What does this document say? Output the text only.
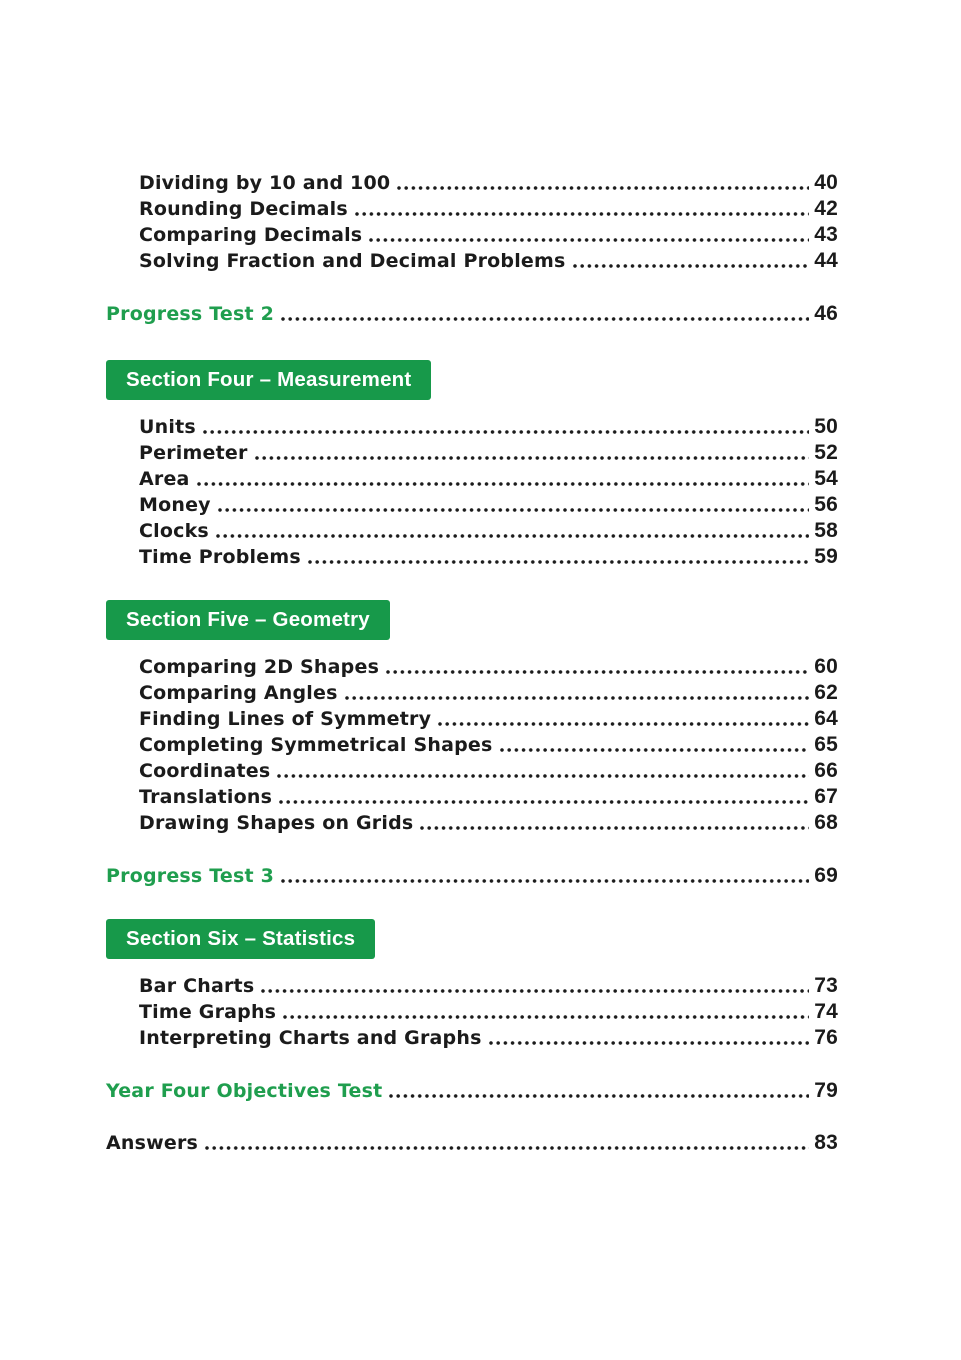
Dividing by 10 and 100	40
Rounding Decimals	42
Comparing Decimals	43
Solving Fraction and Decimal Problems	44
Progress Test 2	46
Section Four – Measurement
Units	50
Perimeter	52
Area	54
Money	56
Clocks	58
Time Problems	59
Section Five – Geometry
Comparing 2D Shapes	60
Comparing Angles	62
Finding Lines of Symmetry	64
Completing Symmetrical Shapes	65
Coordinates	66
Translations	67
Drawing Shapes on Grids	68
Progress Test 3	69
Section Six – Statistics
Bar Charts	73
Time Graphs	74
Interpreting Charts and Graphs	76
Year Four Objectives Test	79
Answers	83
